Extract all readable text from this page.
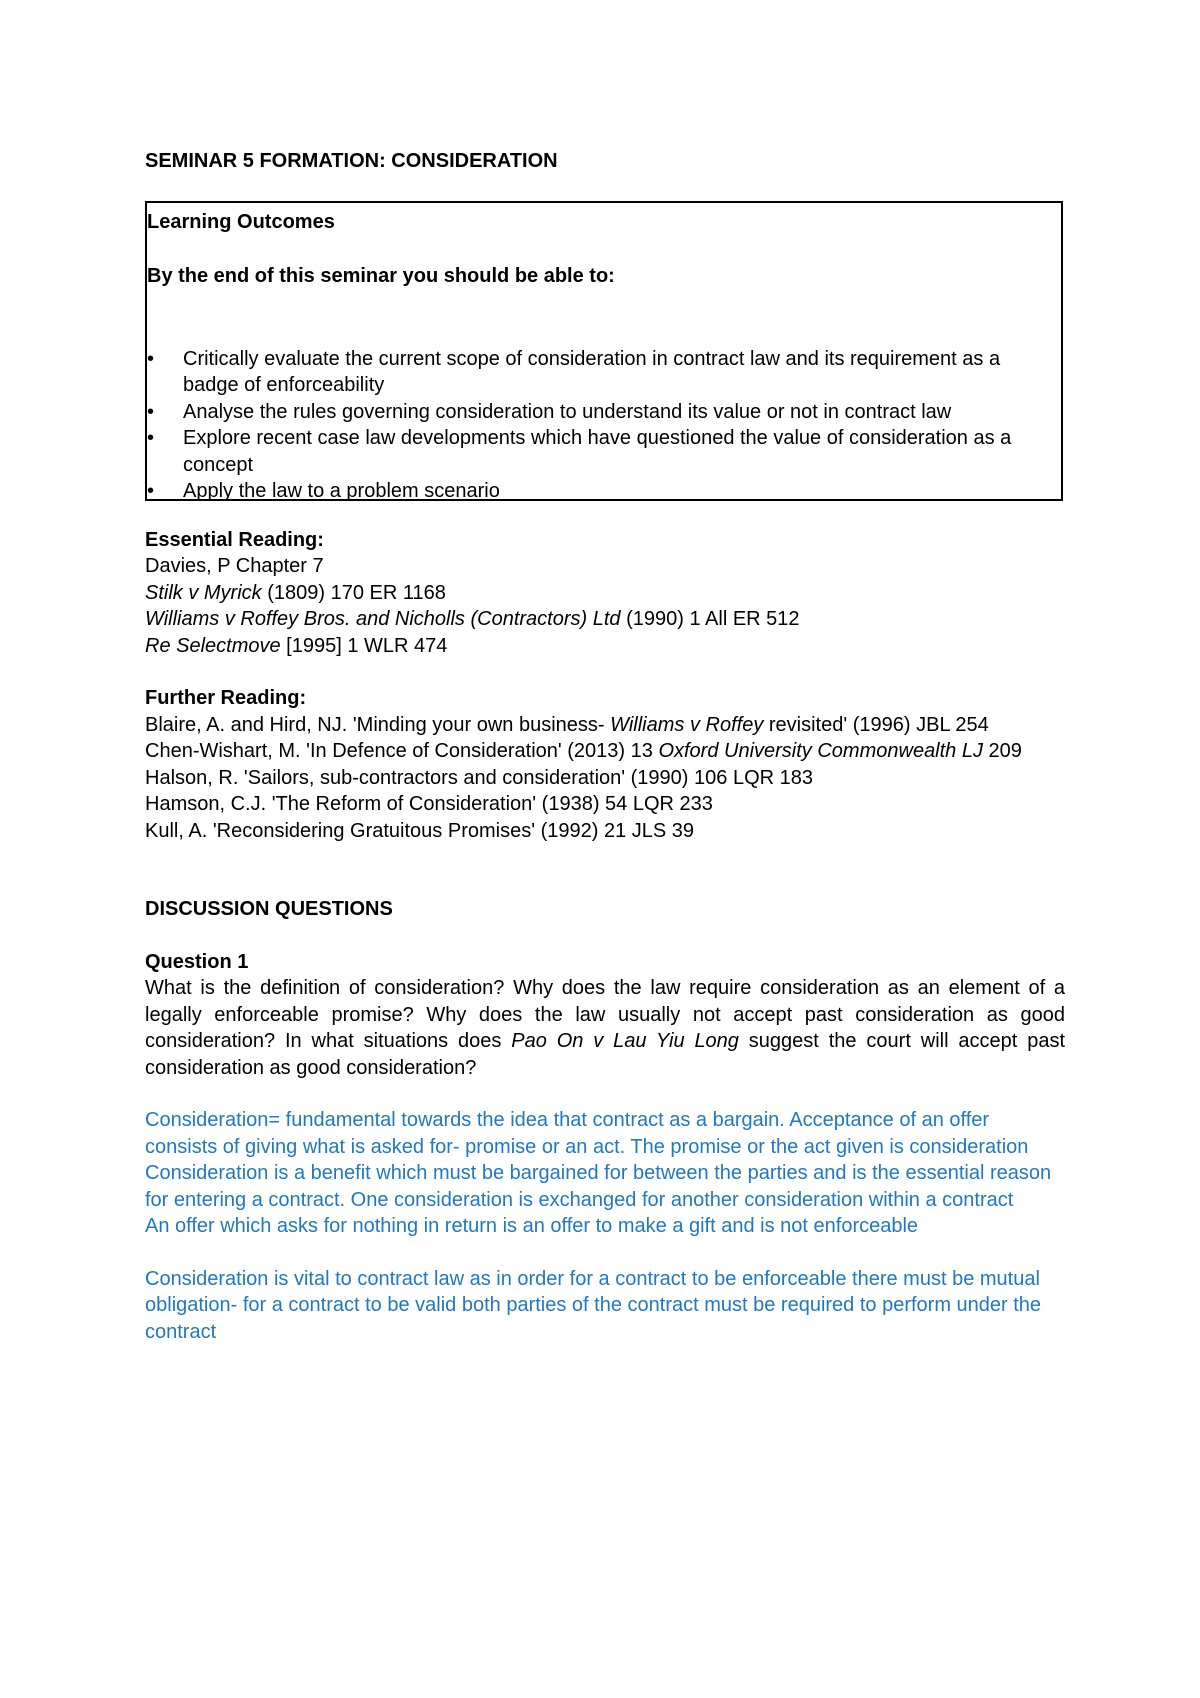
SEMINAR 5 FORMATION: CONSIDERATION
Learning Outcomes
By the end of this seminar you should be able to:
• Critically evaluate the current scope of consideration in contract law and its requirement as a badge of enforceability
• Analyse the rules governing consideration to understand its value or not in contract law
• Explore recent case law developments which have questioned the value of consideration as a concept
• Apply the law to a problem scenario
Essential Reading:
Davies, P Chapter 7
Stilk v Myrick (1809) 170 ER 1168
Williams v Roffey Bros. and Nicholls (Contractors) Ltd (1990) 1 All ER 512
Re Selectmove [1995] 1 WLR 474
Further Reading:
Blaire, A. and Hird, NJ. 'Minding your own business- Williams v Roffey revisited' (1996) JBL 254
Chen-Wishart, M. 'In Defence of Consideration' (2013) 13 Oxford University Commonwealth LJ 209
Halson, R. 'Sailors, sub-contractors and consideration' (1990) 106 LQR 183
Hamson, C.J. 'The Reform of Consideration' (1938) 54 LQR 233
Kull, A. 'Reconsidering Gratuitous Promises' (1992) 21 JLS 39
DISCUSSION QUESTIONS
Question 1

What is the definition of consideration? Why does the law require consideration as an element of a legally enforceable promise? Why does the law usually not accept past consideration as good consideration? In what situations does Pao On v Lau Yiu Long suggest the court will accept past consideration as good consideration?

Consideration= fundamental towards the idea that contract as a bargain. Acceptance of an offer consists of giving what is asked for- promise or an act. The promise or the act given is consideration

Consideration is a benefit which must be bargained for between the parties and is the essential reason for entering a contract. One consideration is exchanged for another consideration within a contract

An offer which asks for nothing in return is an offer to make a gift and is not enforceable

Consideration is vital to contract law as in order for a contract to be enforceable there must be mutual obligation- for a contract to be valid both parties of the contract must be required to perform under the contract
